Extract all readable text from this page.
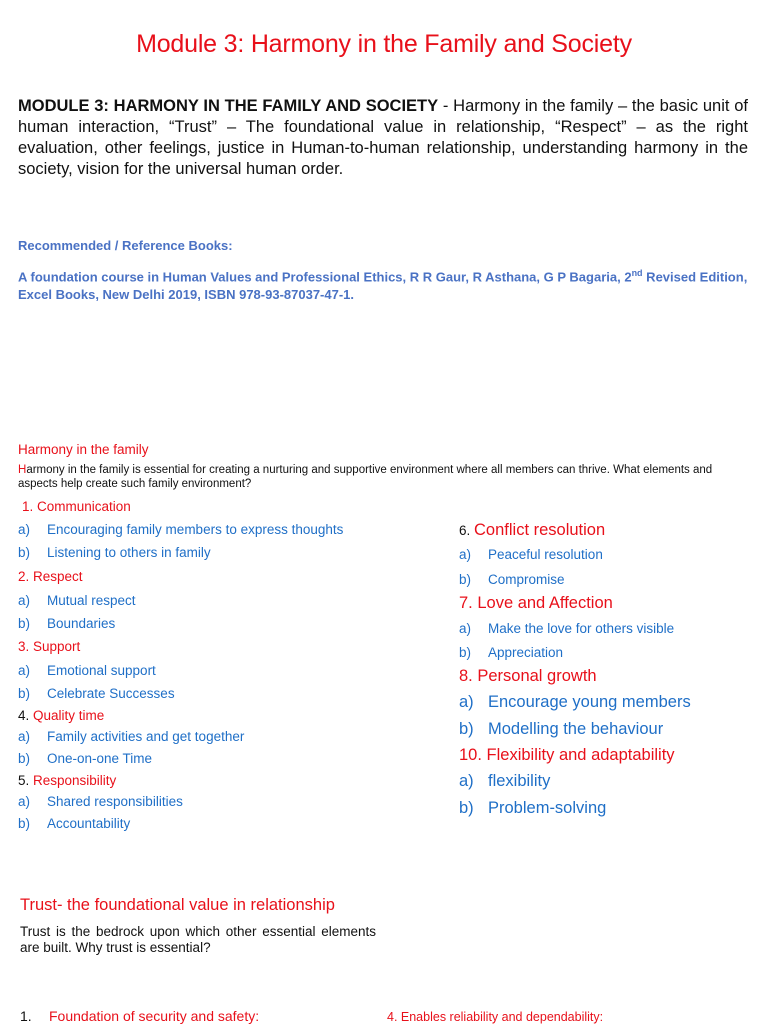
Module 3: Harmony in the Family and Society
MODULE 3: HARMONY IN THE FAMILY AND SOCIETY - Harmony in the family – the basic unit of human interaction, “Trust” – The foundational value in relationship, “Respect” – as the right evaluation, other feelings, justice in Human-to-human relationship, understanding harmony in the society, vision for the universal human order.
Recommended / Reference Books:
A foundation course in Human Values and Professional Ethics, R R Gaur, R Asthana, G P Bagaria, 2nd Revised Edition, Excel Books, New Delhi 2019, ISBN 978-93-87037-47-1.
Harmony in the family
Harmony in the family is essential for creating a nurturing and supportive environment where all members can thrive. What elements and aspects help create such family environment?
1. Communication
a) Encouraging family members to express thoughts
b) Listening to others in family
2. Respect
a) Mutual respect
b) Boundaries
3. Support
a) Emotional support
b) Celebrate Successes
4. Quality time
a) Family activities and get together
b) One-on-one Time
5. Responsibility
a) Shared responsibilities
b) Accountability
6. Conflict resolution
a) Peaceful resolution
b) Compromise
7. Love and Affection
a) Make the love for others visible
b) Appreciation
8. Personal growth
a) Encourage young members
b) Modelling the behaviour
10. Flexibility and adaptability
a) flexibility
b) Problem-solving
Trust- the foundational value in relationship
Trust is the bedrock upon which other essential elements are built. Why trust is essential?
1. Foundation of security and safety:	4. Enables reliability and dependability:
